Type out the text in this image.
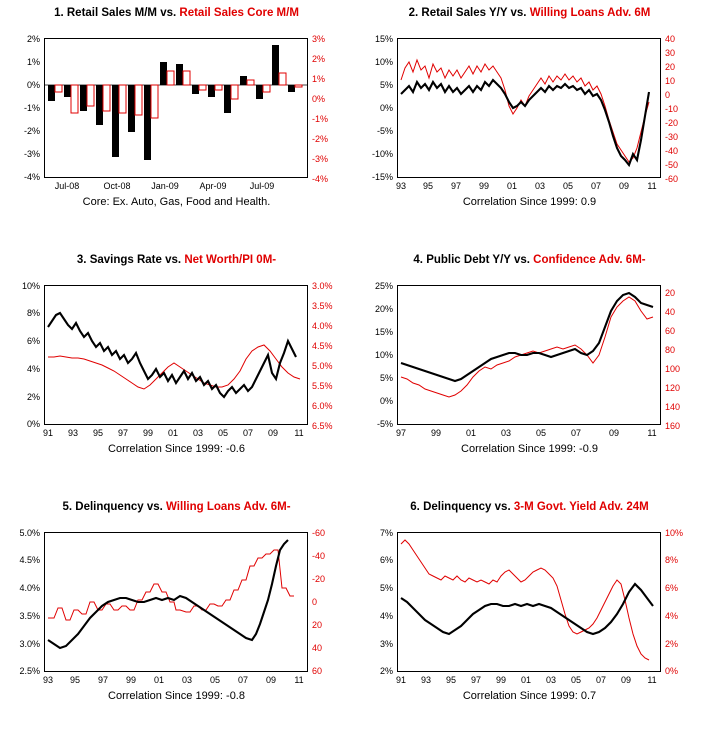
1. Retail Sales M/M vs. Retail Sales Core M/M
2%
1%
0%
-1%
-2%
-3%
-4%
3%
2%
1%
0%
-1%
-2%
-3%
-4%
Jul-08	Oct-08	Jan-09	Apr-09	Jul-09
Core: Ex. Auto, Gas, Food and Health.
2. Retail Sales Y/Y vs. Willing Loans Adv. 6M
15%
10%
5%
0%
-5%
-10%
-15%
40
30
20
10
0
-10
-20
-30
-40
-50
-60
93	95	97	99	01	03	05	07	09	11
Correlation Since 1999: 0.9
3. Savings Rate vs. Net Worth/PI 0M-
10%
8%
6%
4%
2%
0%
3.0%
3.5%
4.0%
4.5%
5.0%
5.5%
6.0%
6.5%
91	93	95	97	99	01	03	05	07	09	11
Correlation Since 1999: -0.6
4. Public Debt Y/Y vs. Confidence Adv. 6M-
25%
20%
15%
10%
5%
0%
-5%
20
40
60
80
100
120
140
160
97	99	01	03	05	07	09	11
Correlation Since 1999: -0.9
5. Delinquency vs. Willing Loans Adv. 6M-
5.0%
4.5%
4.0%
3.5%
3.0%
2.5%
-60
-40
-20
0
20
40
60
93	95	97	99	01	03	05	07	09	11
Correlation Since 1999: -0.8
6. Delinquency vs. 3-M Govt. Yield Adv. 24M
7%
6%
5%
4%
3%
2%
10%
8%
6%
4%
2%
0%
91	93	95	97	99	01	03	05	07	09	11
Correlation Since 1999: 0.7
